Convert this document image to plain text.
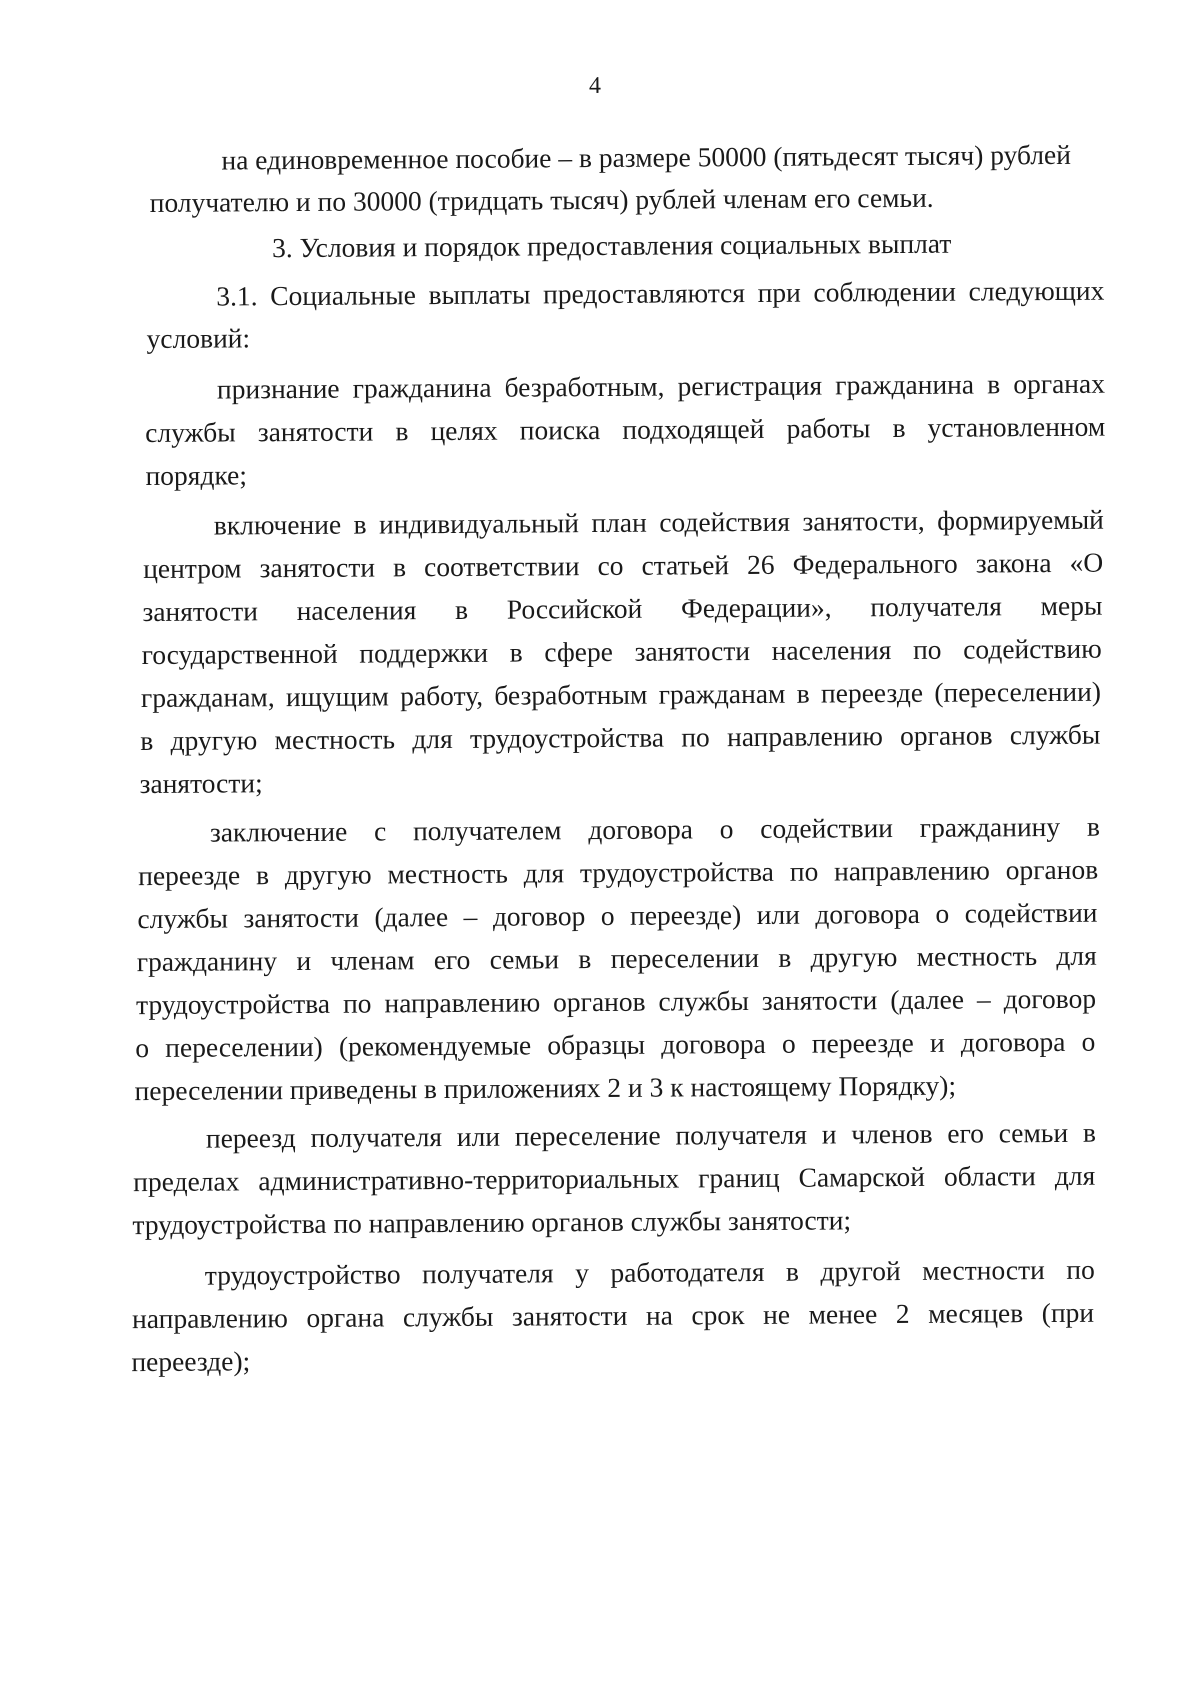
4
на единовременное пособие – в размере 50000 (пятьдесят тысяч) рублей
получателю и по 30000 (тридцать тысяч) рублей членам его семьи.
3. Условия и порядок предоставления социальных выплат
3.1. Социальные выплаты предоставляются при соблюдении следующих
условий:
признание гражданина безработным, регистрация гражданина в органах
службы занятости в целях поиска подходящей работы в установленном
порядке;
включение в индивидуальный план содействия занятости, формируемый
центром занятости в соответствии со статьей 26 Федерального закона «О
занятости населения в Российской Федерации», получателя меры
государственной поддержки в сфере занятости населения по содействию
гражданам, ищущим работу, безработным гражданам в переезде (переселении)
в другую местность для трудоустройства по направлению органов службы
занятости;
заключение с получателем договора о содействии гражданину в
переезде в другую местность для трудоустройства по направлению органов
службы занятости (далее – договор о переезде) или договора о содействии
гражданину и членам его семьи в переселении в другую местность для
трудоустройства по направлению органов службы занятости (далее – договор
о переселении) (рекомендуемые образцы договора о переезде и договора о
переселении приведены в приложениях 2 и 3 к настоящему Порядку);
переезд получателя или переселение получателя и членов его семьи в
пределах административно-территориальных границ Самарской области для
трудоустройства по направлению органов службы занятости;
трудоустройство получателя у работодателя в другой местности по
направлению органа службы занятости на срок не менее 2 месяцев (при
переезде);
